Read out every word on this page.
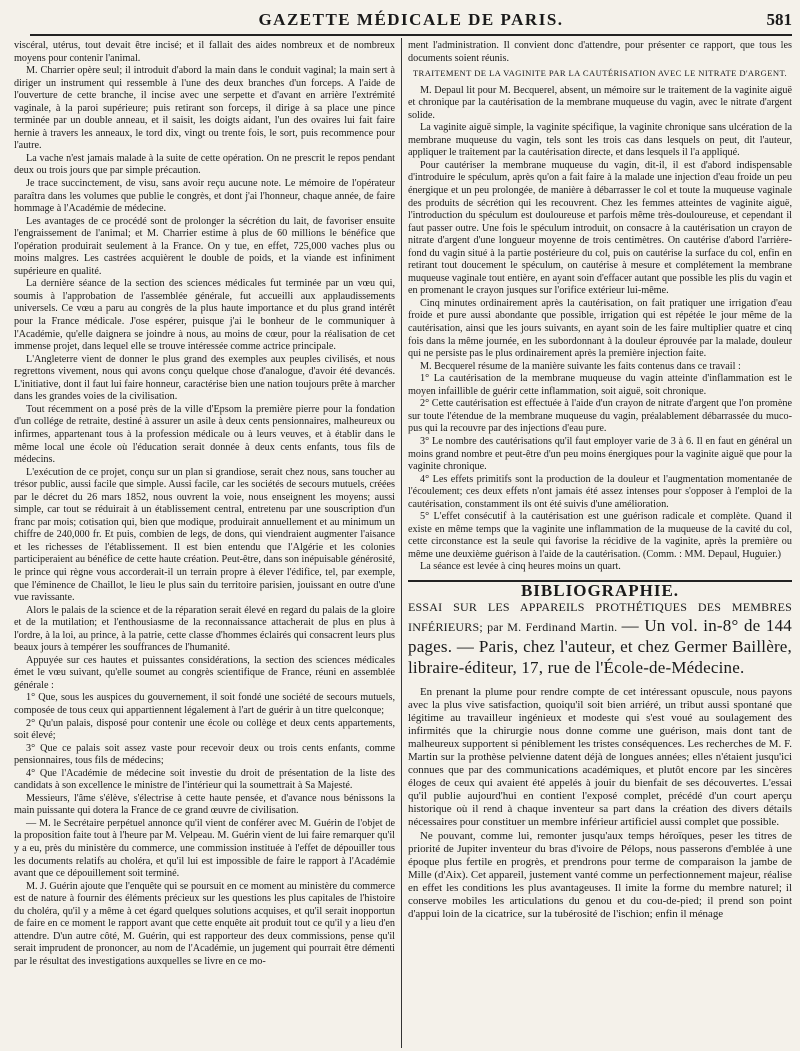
GAZETTE MÉDICALE DE PARIS.	581

viscéral, utérus, tout devait être incisé; et il fallait des aides nombreux et de nombreux moyens pour contenir l'animal.

M. Charrier opère seul; il introduit d'abord la main dans le conduit vaginal; la main sert à diriger un instrument qui ressemble à l'une des deux branches d'un forceps. A l'aide de l'ouverture de cette branche, il incise avec une serpette et d'avant en arrière l'extrémité vaginale, à la paroi supérieure; puis retirant son forceps, il dirige à sa place une pince terminée par un double anneau, et il saisit, les doigts aidant, l'un des ovaires lui fait faire hernie à travers les anneaux, le tord dix, vingt ou trente fois, le sort, puis recommence pour l'autre.

La vache n'est jamais malade à la suite de cette opération. On ne prescrit le repos pendant deux ou trois jours que par simple précaution.

Je trace succinctement, de visu, sans avoir reçu aucune note. Le mémoire de l'opérateur paraîtra dans les volumes que publie le congrès, et dont j'ai l'honneur, chaque année, de faire hommage à l'Académie de médecine.

Les avantages de ce procédé sont de prolonger la sécrétion du lait, de favoriser ensuite l'engraissement de l'animal; et M. Charrier estime à plus de 60 millions le bénéfice que l'opération produirait seulement à la France. On y tue, en effet, 725,000 vaches plus ou moins malgres. Les castrées acquièrent le double de poids, et la viande est infiniment supérieure en qualité.

La dernière séance de la section des sciences médicales fut terminée par un vœu qui, soumis à l'approbation de l'assemblée générale, fut accueilli aux applaudissements universels. Ce vœu a paru au congrès de la plus haute importance et du plus grand intérêt pour la France médicale. J'ose espérer, puisque j'ai le bonheur de le communiquer à l'Académie, qu'elle daignera se joindre à nous, au moins de cœur, pour la réalisation de cet immense projet, dans lequel elle se trouve intéressée comme actrice principale.

L'Angleterre vient de donner le plus grand des exemples aux peuples civilisés, et nous regrettons vivement, nous qui avons conçu quelque chose d'analogue, d'avoir été devancés. L'initiative, dont il faut lui faire honneur, caractérise bien une nation toujours prête à marcher dans les grandes voies de la civilisation.

Tout récemment on a posé près de la ville d'Epsom la première pierre pour la fondation d'un collége de retraite, destiné à assurer un asile à deux cents pensionnaires, malheureux ou infirmes, appartenant tous à la profession médicale ou à leurs veuves, et à établir dans le même local une école où l'éducation serait donnée à deux cents enfants, tous fils de médecins.

L'exécution de ce projet, conçu sur un plan si grandiose, serait chez nous, sans toucher au trésor public, aussi facile que simple. Aussi facile, car les sociétés de secours mutuels, créées par le décret du 26 mars 1852, nous ouvrent la voie, nous enseignent les moyens; aussi simple, car tout se réduirait à un établissement central, entretenu par une souscription d'un franc par mois; cotisation qui, bien que modique, produirait annuellement et au minimum un chiffre de 240,000 fr. Et puis, combien de legs, de dons, qui viendraient augmenter l'aisance et les richesses de l'établissement. Il est bien entendu que l'Algérie et les colonies participeraient au bénéfice de cette haute création. Peut-être, dans son inépuisable générosité, le prince qui règne vous accorderait-il un terrain propre à élever l'édifice, tel, par exemple, que l'éminence de Chaillot, le lieu le plus sain du territoire parisien, jouissant en outre d'une vue ravissante.

Alors le palais de la science et de la réparation serait élevé en regard du palais de la gloire et de la mutilation; et l'enthousiasme de la reconnaissance attacherait de plus en plus à l'ordre, à la loi, au prince, à la patrie, cette classe d'hommes éclairés qui consacrent leurs plus beaux jours à tempérer les souffrances de l'humanité.

Appuyée sur ces hautes et puissantes considérations, la section des sciences médicales émet le vœu suivant, qu'elle soumet au congrès scientifique de France, réuni en assemblée générale :

1° Que, sous les auspices du gouvernement, il soit fondé une société de secours mutuels, composée de tous ceux qui appartiennent légalement à l'art de guérir à un titre quelconque;

2° Qu'un palais, disposé pour contenir une école ou collège et deux cents appartements, soit élevé;

3° Que ce palais soit assez vaste pour recevoir deux ou trois cents enfants, comme pensionnaires, tous fils de médecins;

4° Que l'Académie de médecine soit investie du droit de présentation de la liste des candidats à son excellence le ministre de l'intérieur qui la soumettrait à Sa Majesté.

Messieurs, l'âme s'élève, s'électrise à cette haute pensée, et d'avance nous bénissons la main puissante qui dotera la France de ce grand œuvre de civilisation.

— M. le Secrétaire perpétuel annonce qu'il vient de conférer avec M. Guérin de l'objet de la proposition faite tout à l'heure par M. Velpeau. M. Guérin vient de lui faire remarquer qu'il y a eu, près du ministère du commerce, une commission instituée à l'effet de dépouiller tous les documents relatifs au choléra, et qu'il lui est impossible de faire le rapport à l'Académie avant que ce dépouillement soit terminé.

M. J. Guérin ajoute que l'enquête qui se poursuit en ce moment au ministère du commerce est de nature à fournir des éléments précieux sur les questions les plus capitales de l'histoire du choléra, qu'il y a même à cet égard quelques solutions acquises, et qu'il serait inopportun de faire en ce moment le rapport avant que cette enquête ait produit tout ce qu'il y a lieu d'en attendre. D'un autre côté, M. Guérin, qui est rapporteur des deux commissions, pense qu'il serait imprudent de prononcer, au nom de l'Académie, un jugement qui pourrait être démenti par le résultat des investigations auxquelles se livre en ce mo-

ment l'administration. Il convient donc d'attendre, pour présenter ce rapport, que tous les documents soient réunis.

TRAITEMENT DE LA VAGINITE PAR LA CAUTÉRISATION AVEC LE NITRATE D'ARGENT.

M. Depaul lit pour M. Becquerel, absent, un mémoire sur le traitement de la vaginite aiguë et chronique par la cautérisation de la membrane muqueuse du vagin, avec le nitrate d'argent solide.

La vaginite aiguë simple, la vaginite spécifique, la vaginite chronique sans ulcération de la membrane muqueuse du vagin, tels sont les trois cas dans lesquels on peut, dit l'auteur, appliquer le traitement par la cautérisation directe, et dans lesquels il l'a appliqué.

Pour cautériser la membrane muqueuse du vagin, dit-il, il est d'abord indispensable d'introduire le spéculum, après qu'on a fait faire à la malade une injection d'eau froide un peu énergique et un peu prolongée, de manière à débarrasser le col et toute la muqueuse vaginale des produits de sécrétion qui les recouvrent. Chez les femmes atteintes de vaginite aiguë, l'introduction du spéculum est douloureuse et parfois même très-douloureuse, et cependant il faut passer outre. Une fois le spéculum introduit, on consacre à la cautérisation un crayon de nitrate d'argent d'une longueur moyenne de trois centimètres. On cautérise d'abord l'arrière-fond du vagin situé à la partie postérieure du col, puis on cautérise la surface du col, enfin en retirant tout doucement le spéculum, on cautérise à mesure et complétement la membrane muqueuse vaginale tout entière, en ayant soin d'effacer autant que possible les plis du vagin et en promenant le crayon jusques sur l'orifice extérieur lui-même.

Cinq minutes ordinairement après la cautérisation, on fait pratiquer une irrigation d'eau froide et pure aussi abondante que possible, irrigation qui est répétée le jour même de la cautérisation, ainsi que les jours suivants, en ayant soin de les faire multiplier quatre et cinq fois dans la même journée, en les subordonnant à la douleur éprouvée par la malade, douleur qui ne persiste pas le plus ordinairement après la première injection faite.

M. Becquerel résume de la manière suivante les faits contenus dans ce travail :

1° La cautérisation de la membrane muqueuse du vagin atteinte d'inflammation est le moyen infaillible de guérir cette inflammation, soit aiguë, soit chronique.

2° Cette cautérisation est effectuée à l'aide d'un crayon de nitrate d'argent que l'on promène sur toute l'étendue de la membrane muqueuse du vagin, préalablement débarrassée du muco-pus qui la recouvre par des injections d'eau pure.

3° Le nombre des cautérisations qu'il faut employer varie de 3 à 6. Il en faut en général un moins grand nombre et peut-être d'un peu moins énergiques pour la vaginite aiguë que pour la vaginite chronique.

4° Les effets primitifs sont la production de la douleur et l'augmentation momentanée de l'écoulement; ces deux effets n'ont jamais été assez intenses pour s'opposer à l'emploi de la cautérisation, constamment ils ont été suivis d'une amélioration.

5° L'effet consécutif à la cautérisation est une guérison radicale et complète. Quand il existe en même temps que la vaginite une inflammation de la muqueuse de la cavité du col, cette circonstance est la seule qui favorise la récidive de la vaginite, après la première ou même une deuxième guérison à l'aide de la cautérisation. (Comm. : MM. Depaul, Huguier.)

La séance est levée à cinq heures moins un quart.

BIBLIOGRAPHIE.

ESSAI SUR LES APPAREILS PROTHÉTIQUES DES MEMBRES INFÉRIEURS; par M. Ferdinand Martin. — Un vol. in-8° de 144 pages. — Paris, chez l'auteur, et chez Germer Baillère, libraire-éditeur, 17, rue de l'École-de-Médecine.

En prenant la plume pour rendre compte de cet intéressant opuscule, nous payons avec la plus vive satisfaction, quoiqu'il soit bien arriéré, un tribut aussi spontané que légitime au travailleur ingénieux et modeste qui s'est voué au soulagement des infirmités que la chirurgie nous donne comme une guérison, mais dont tant de malheureux supportent si péniblement les tristes conséquences. Les recherches de M. F. Martin sur la prothèse pelvienne datent déjà de longues années; elles n'étaient jusqu'ici connues que par des communications académiques, et plutôt encore par les sincères éloges de ceux qui avaient été appelés à jouir du bienfait de ses découvertes. L'essai qu'il publie aujourd'hui en contient l'exposé complet, précédé d'un court aperçu historique où il rend à chaque inventeur sa part dans la création des divers détails nécessaires pour constituer un membre inférieur artificiel aussi complet que possible.

Ne pouvant, comme lui, remonter jusqu'aux temps héroïques, peser les titres de priorité de Jupiter inventeur du bras d'ivoire de Pélops, nous passerons d'emblée à une époque plus fertile en progrès, et prendrons pour terme de comparaison la jambe de Mille (d'Aix). Cet appareil, justement vanté comme un perfectionnement majeur, réalise en effet les conditions les plus avantageuses. Il imite la forme du membre naturel; il conserve mobiles les articulations du genou et du cou-de-pied; il prend son point d'appui loin de la cicatrice, sur la tubérosité de l'ischion; enfin il ménage
